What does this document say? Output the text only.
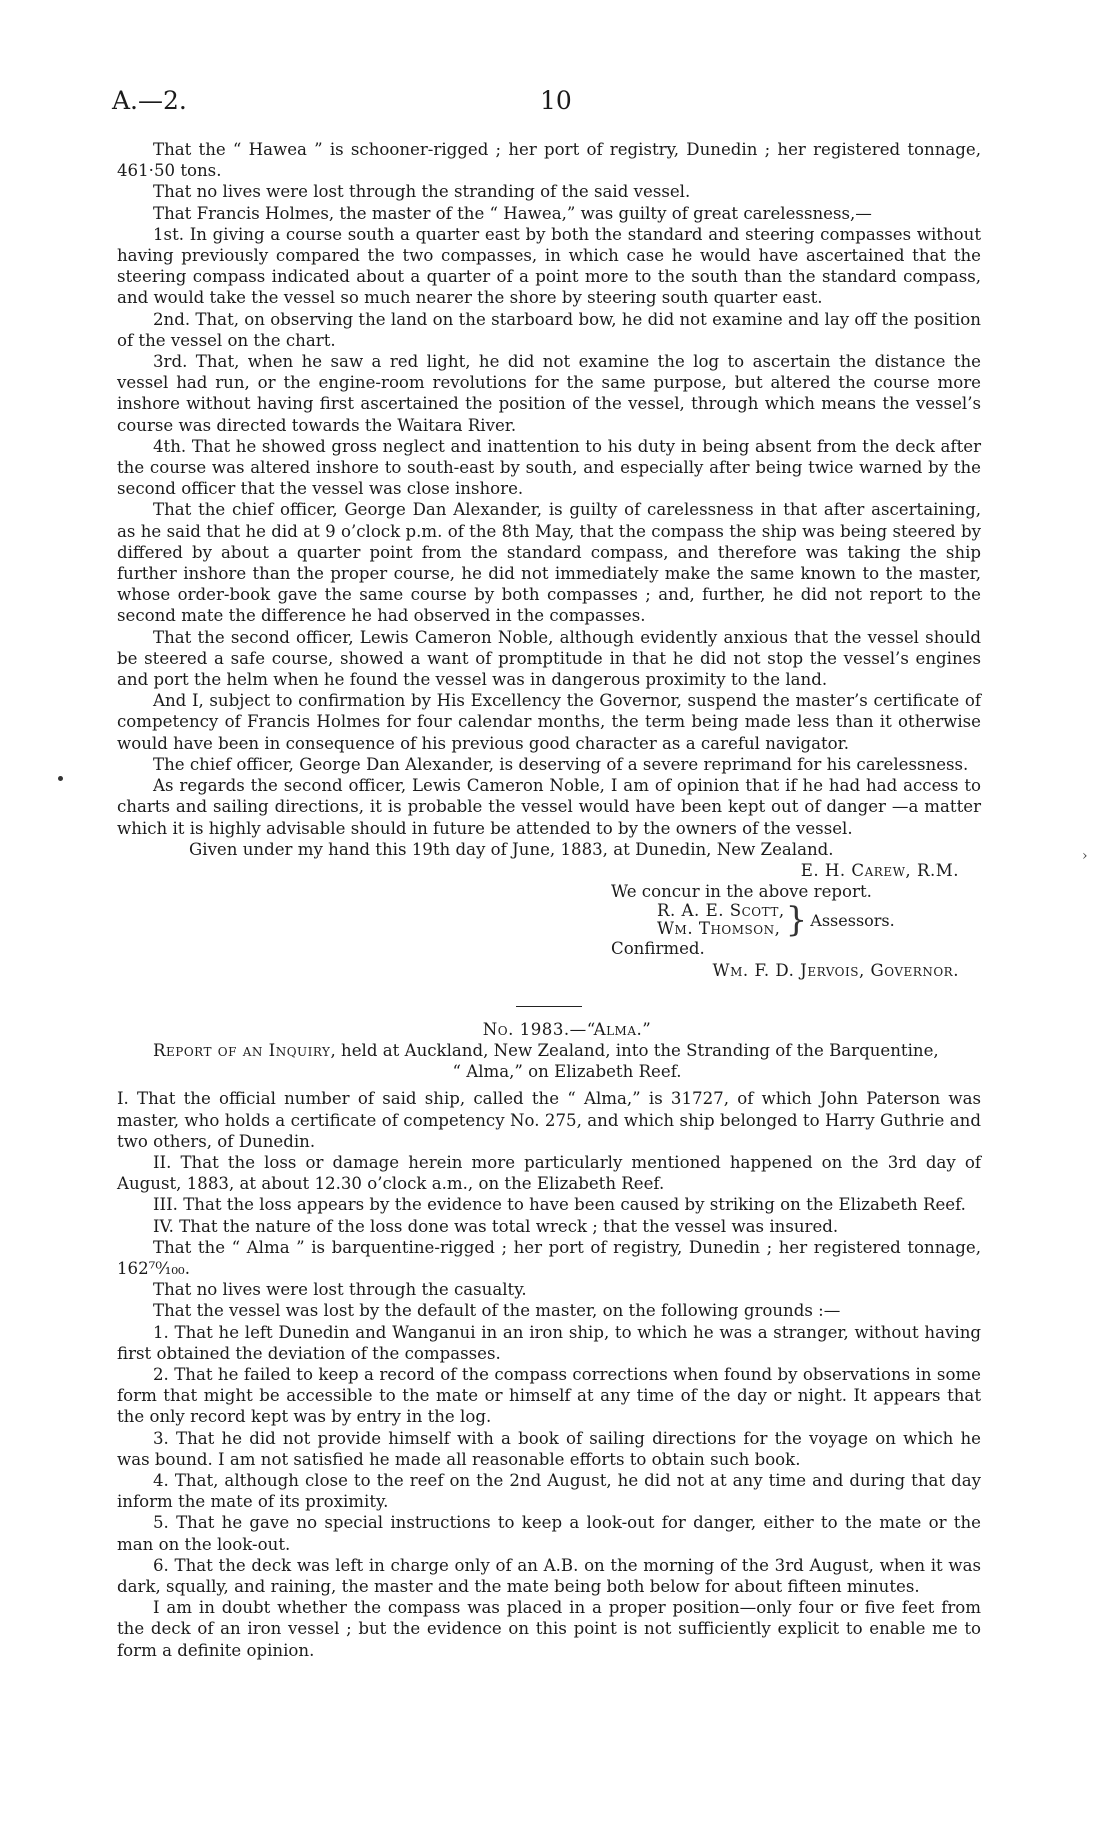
A.—2.	10
›

That the “ Hawea ” is schooner-rigged ; her port of registry, Dunedin ; her registered tonnage, 461·50 tons.

That no lives were lost through the stranding of the said vessel.

That Francis Holmes, the master of the “ Hawea,” was guilty of great carelessness,—

1st. In giving a course south a quarter east by both the standard and steering compasses without having previously compared the two compasses, in which case he would have ascertained that the steering compass indicated about a quarter of a point more to the south than the standard compass, and would take the vessel so much nearer the shore by steering south quarter east.

2nd. That, on observing the land on the starboard bow, he did not examine and lay off the position of the vessel on the chart.

3rd. That, when he saw a red light, he did not examine the log to ascertain the distance the vessel had run, or the engine-room revolutions for the same purpose, but altered the course more inshore without having first ascertained the position of the vessel, through which means the vessel’s course was directed towards the Waitara River.

4th. That he showed gross neglect and inattention to his duty in being absent from the deck after the course was altered inshore to south-east by south, and especially after being twice warned by the second officer that the vessel was close inshore.

That the chief officer, George Dan Alexander, is guilty of carelessness in that after ascertaining, as he said that he did at 9 o’clock p.m. of the 8th May, that the compass the ship was being steered by differed by about a quarter point from the standard compass, and therefore was taking the ship further inshore than the proper course, he did not immediately make the same known to the master, whose order-book gave the same course by both compasses ; and, further, he did not report to the second mate the difference he had observed in the compasses.

That the second officer, Lewis Cameron Noble, although evidently anxious that the vessel should be steered a safe course, showed a want of promptitude in that he did not stop the vessel’s engines and port the helm when he found the vessel was in dangerous proximity to the land.

And I, subject to confirmation by His Excellency the Governor, suspend the master’s certificate of competency of Francis Holmes for four calendar months, the term being made less than it otherwise would have been in consequence of his previous good character as a careful navigator.

The chief officer, George Dan Alexander, is deserving of a severe reprimand for his carelessness.

As regards the second officer, Lewis Cameron Noble, I am of opinion that if he had had access to charts and sailing directions, it is probable the vessel would have been kept out of danger —a matter which it is highly advisable should in future be attended to by the owners of the vessel.

Given under my hand this 19th day of June, 1883, at Dunedin, New Zealand.

E. H. Carew, R.M.

We concur in the above report.

R. A. E. Scott,
Wm. Thomson, } Assessors.

Confirmed.

Wm. F. D. Jervois, Governor.

No. 1983.—“Alma.”

Report of an Inquiry, held at Auckland, New Zealand, into the Stranding of the Barquentine,
“ Alma,” on Elizabeth Reef.

I. That the official number of said ship, called the “ Alma,” is 31727, of which John Paterson was master, who holds a certificate of competency No. 275, and which ship belonged to Harry Guthrie and two others, of Dunedin.

II. That the loss or damage herein more particularly mentioned happened on the 3rd day of August, 1883, at about 12.30 o’clock a.m., on the Elizabeth Reef.

III. That the loss appears by the evidence to have been caused by striking on the Elizabeth Reef.

IV. That the nature of the loss done was total wreck ; that the vessel was insured.

That the “ Alma ” is barquentine-rigged ; her port of registry, Dunedin ; her registered tonnage, 162⁷⁰⁄₁₀₀.

That no lives were lost through the casualty.

That the vessel was lost by the default of the master, on the following grounds :—

1. That he left Dunedin and Wanganui in an iron ship, to which he was a stranger, without having first obtained the deviation of the compasses.

2. That he failed to keep a record of the compass corrections when found by observations in some form that might be accessible to the mate or himself at any time of the day or night. It appears that the only record kept was by entry in the log.

3. That he did not provide himself with a book of sailing directions for the voyage on which he was bound. I am not satisfied he made all reasonable efforts to obtain such book.

4. That, although close to the reef on the 2nd August, he did not at any time and during that day inform the mate of its proximity.

5. That he gave no special instructions to keep a look-out for danger, either to the mate or the man on the look-out.

6. That the deck was left in charge only of an A.B. on the morning of the 3rd August, when it was dark, squally, and raining, the master and the mate being both below for about fifteen minutes.

I am in doubt whether the compass was placed in a proper position—only four or five feet from the deck of an iron vessel ; but the evidence on this point is not sufficiently explicit to enable me to form a definite opinion.
